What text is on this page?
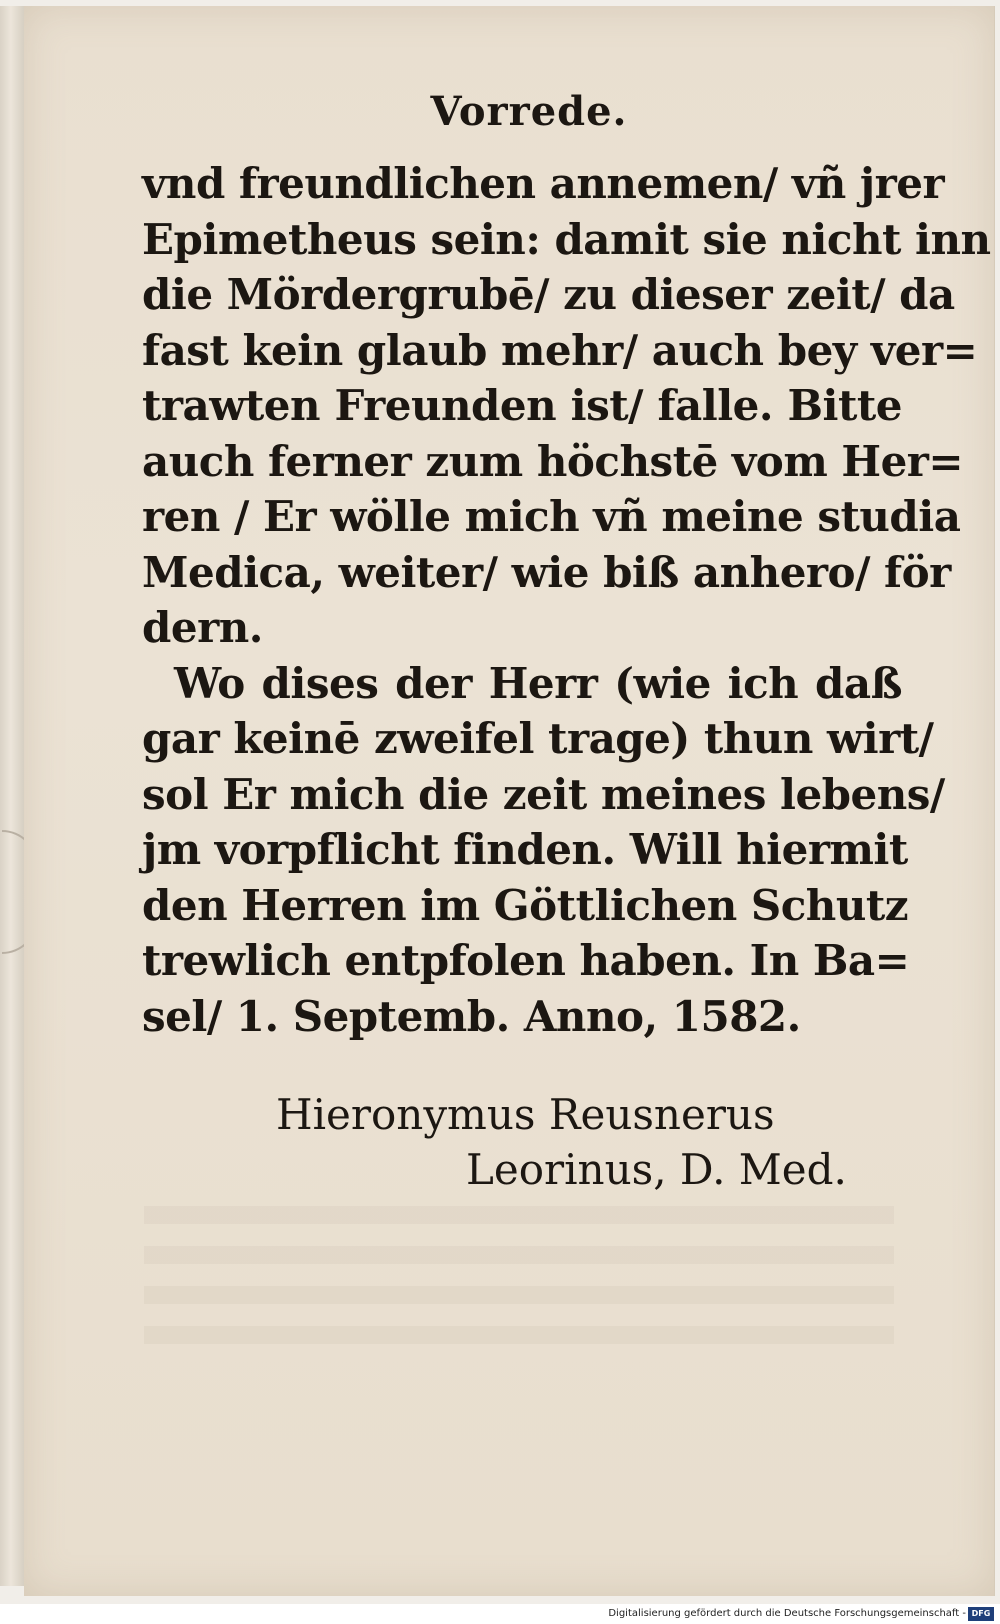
Vorrede.
vnd freundlichen annemen/ vñ jrer
Epimetheus sein: damit sie nicht inn
die Mördergrubē/ zu dieser zeit/ da
fast kein glaub mehr/ auch bey ver=
trawten Freunden ist/ falle. Bitte
auch ferner zum höchstē vom Her=
ren / Er wölle mich vñ meine studia
Medica, weiter/ wie biß anhero/ för
dern.
Wo dises der Herr (wie ich daß
gar keinē zweifel trage) thun wirt/
sol Er mich die zeit meines lebens/
jm vorpflicht finden. Will hiermit
den Herren im Göttlichen Schutz
trewlich entpfolen haben. In Ba=
sel/ 1. Septemb. Anno, 1582.
Hieronymus Reusnerus
Leorinus, D. Med.
Digitalisierung gefördert durch die Deutsche Forschungsgemeinschaft - DFG
